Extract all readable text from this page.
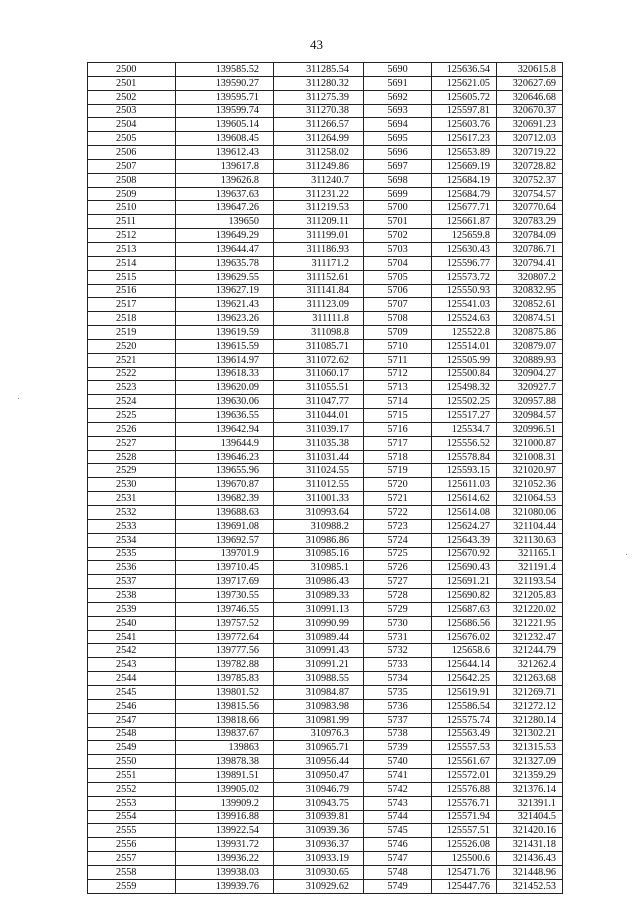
43
2500	139585.52	311285.54	5690	125636.54	320615.8
2501	139590.27	311280.32	5691	125621.05	320627.69
2502	139595.71	311275.39	5692	125605.72	320646.68
2503	139599.74	311270.38	5693	125597.81	320670.37
2504	139605.14	311266.57	5694	125603.76	320691.23
2505	139608.45	311264.99	5695	125617.23	320712.03
2506	139612.43	311258.02	5696	125653.89	320719.22
2507	139617.8	311249.86	5697	125669.19	320728.82
2508	139626.8	311240.7	5698	125684.19	320752.37
2509	139637.63	311231.22	5699	125684.79	320754.57
2510	139647.26	311219.53	5700	125677.71	320770.64
2511	139650	311209.11	5701	125661.87	320783.29
2512	139649.29	311199.01	5702	125659.8	320784.09
2513	139644.47	311186.93	5703	125630.43	320786.71
2514	139635.78	311171.2	5704	125596.77	320794.41
2515	139629.55	311152.61	5705	125573.72	320807.2
2516	139627.19	311141.84	5706	125550.93	320832.95
2517	139621.43	311123.09	5707	125541.03	320852.61
2518	139623.26	311111.8	5708	125524.63	320874.51
2519	139619.59	311098.8	5709	125522.8	320875.86
2520	139615.59	311085.71	5710	125514.01	320879.07
2521	139614.97	311072.62	5711	125505.99	320889.93
2522	139618.33	311060.17	5712	125500.84	320904.27
2523	139620.09	311055.51	5713	125498.32	320927.7
2524	139630.06	311047.77	5714	125502.25	320957.88
2525	139636.55	311044.01	5715	125517.27	320984.57
2526	139642.94	311039.17	5716	125534.7	320996.51
2527	139644.9	311035.38	5717	125556.52	321000.87
2528	139646.23	311031.44	5718	125578.84	321008.31
2529	139655.96	311024.55	5719	125593.15	321020.97
2530	139670.87	311012.55	5720	125611.03	321052.36
2531	139682.39	311001.33	5721	125614.62	321064.53
2532	139688.63	310993.64	5722	125614.08	321080.06
2533	139691.08	310988.2	5723	125624.27	321104.44
2534	139692.57	310986.86	5724	125643.39	321130.63
2535	139701.9	310985.16	5725	125670.92	321165.1
2536	139710.45	310985.1	5726	125690.43	321191.4
2537	139717.69	310986.43	5727	125691.21	321193.54
2538	139730.55	310989.33	5728	125690.82	321205.83
2539	139746.55	310991.13	5729	125687.63	321220.02
2540	139757.52	310990.99	5730	125686.56	321221.95
2541	139772.64	310989.44	5731	125676.02	321232.47
2542	139777.56	310991.43	5732	125658.6	321244.79
2543	139782.88	310991.21	5733	125644.14	321262.4
2544	139785.83	310988.55	5734	125642.25	321263.68
2545	139801.52	310984.87	5735	125619.91	321269.71
2546	139815.56	310983.98	5736	125586.54	321272.12
2547	139818.66	310981.99	5737	125575.74	321280.14
2548	139837.67	310976.3	5738	125563.49	321302.21
2549	139863	310965.71	5739	125557.53	321315.53
2550	139878.38	310956.44	5740	125561.67	321327.09
2551	139891.51	310950.47	5741	125572.01	321359.29
2552	139905.02	310946.79	5742	125576.88	321376.14
2553	139909.2	310943.75	5743	125576.71	321391.1
2554	139916.88	310939.81	5744	125571.94	321404.5
2555	139922.54	310939.36	5745	125557.51	321420.16
2556	139931.72	310936.37	5746	125526.08	321431.18
2557	139936.22	310933.19	5747	125500.6	321436.43
2558	139938.03	310930.65	5748	125471.76	321448.96
2559	139939.76	310929.62	5749	125447.76	321452.53
